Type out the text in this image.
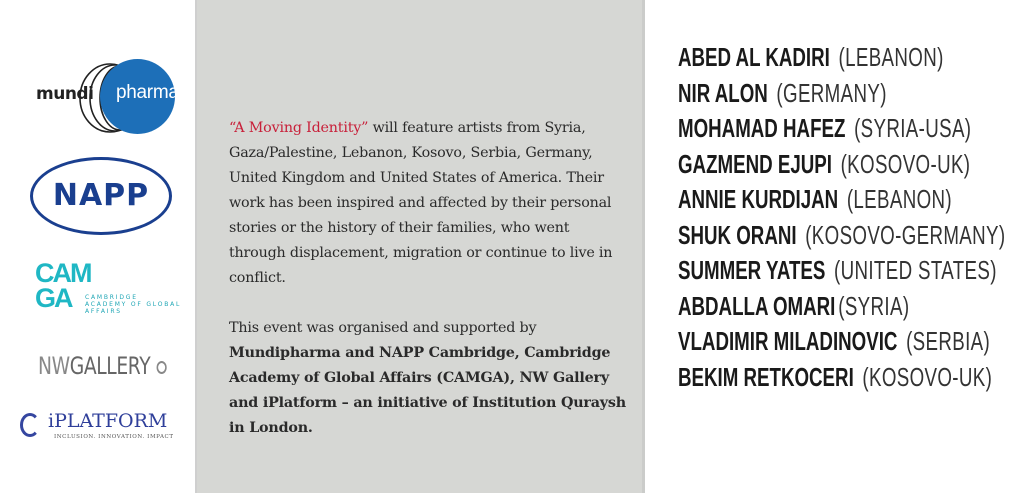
mundi pharma
NAPP
CAM
GA	CAMBRIDGE
ACADEMY OF GLOBAL
AFFAIRS
NWGALLERY
iPLATFORM
INCLUSION. INNOVATION. IMPACT

“A Moving Identity” will feature artists from Syria, Gaza/Palestine, Lebanon, Kosovo, Serbia, Germany, United Kingdom and United States of America. Their work has been inspired and affected by their personal stories or the history of their families, who went through displacement, migration or continue to live in conflict.

This event was organised and supported by Mundipharma and NAPP Cambridge, Cambridge Academy of Global Affairs (CAMGA), NW Gallery and iPlatform – an initiative of Institution Quraysh in London.

ABED AL KADIRI (LEBANON)
NIR ALON (GERMANY)
MOHAMAD HAFEZ (SYRIA-USA)
GAZMEND EJUPI (KOSOVO-UK)
ANNIE KURDIJAN (LEBANON)
SHUK ORANI (KOSOVO-GERMANY)
SUMMER YATES (UNITED STATES)
ABDALLA OMARI (SYRIA)
VLADIMIR MILADINOVIC (SERBIA)
BEKIM RETKOCERI (KOSOVO-UK)
